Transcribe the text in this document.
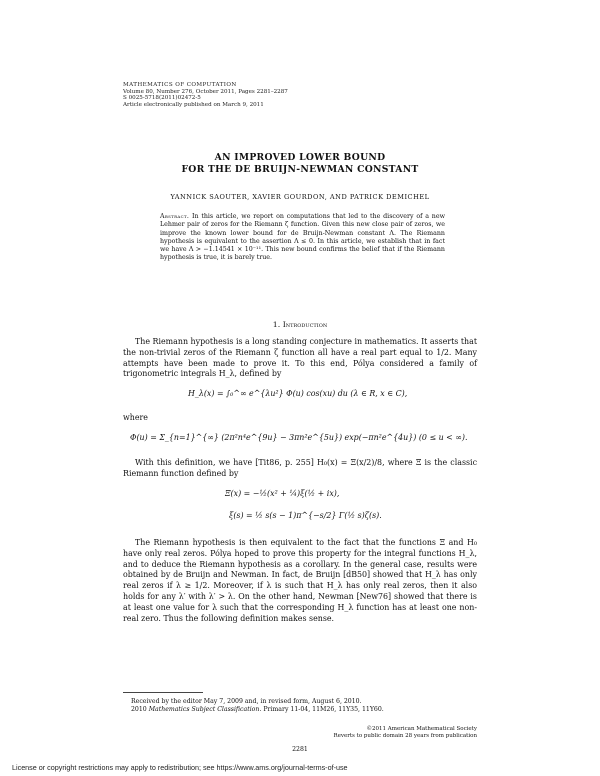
MATHEMATICS OF COMPUTATION
Volume 80, Number 276, October 2011, Pages 2281–2287
S 0025-5718(2011)02472-5
Article electronically published on March 9, 2011
AN IMPROVED LOWER BOUND
FOR THE DE BRUIJN-NEWMAN CONSTANT
YANNICK SAOUTER, XAVIER GOURDON, AND PATRICK DEMICHEL
Abstract. In this article, we report on computations that led to the discovery of a new Lehmer pair of zeros for the Riemann ζ function. Given this new close pair of zeros, we improve the known lower bound for de Bruijn-Newman constant Λ. The Riemann hypothesis is equivalent to the assertion Λ ≤ 0. In this article, we establish that in fact we have Λ > −1.14541 × 10⁻¹¹. This new bound confirms the belief that if the Riemann hypothesis is true, it is barely true.
1. Introduction
The Riemann hypothesis is a long standing conjecture in mathematics. It asserts that the non-trivial zeros of the Riemann ζ function all have a real part equal to 1/2. Many attempts have been made to prove it. To this end, Pólya considered a family of trigonometric integrals H_λ, defined by
H_λ(x) = ∫₀^∞ e^{λu²} Φ(u) cos(xu) du (λ ∈ R, x ∈ C),
where
Φ(u) = Σ_{n=1}^{∞} (2π²n⁴e^{9u} − 3πn²e^{5u}) exp(−πn²e^{4u}) (0 ≤ u < ∞).
With this definition, we have [Tit86, p. 255] H₀(x) = Ξ(x/2)/8, where Ξ is the classic Riemann function defined by
Ξ(x) = −½(x² + ¼)ξ(½ + ix),
ξ(s) = ½ s(s − 1)π^{−s/2} Γ(½ s)ζ(s).
The Riemann hypothesis is then equivalent to the fact that the functions Ξ and H₀ have only real zeros. Pólya hoped to prove this property for the integral functions H_λ, and to deduce the Riemann hypothesis as a corollary. In the general case, results were obtained by de Bruijn and Newman. In fact, de Bruijn [dB50] showed that H_λ has only real zeros if λ ≥ 1/2. Moreover, if λ is such that H_λ has only real zeros, then it also holds for any λ′ with λ′ > λ. On the other hand, Newman [New76] showed that there is at least one value for λ such that the corresponding H_λ function has at least one non-real zero. Thus the following definition makes sense.
Received by the editor May 7, 2009 and, in revised form, August 6, 2010.
2010 Mathematics Subject Classification. Primary 11-04, 11M26, 11Y35, 11Y60.
©2011 American Mathematical Society
Reverts to public domain 28 years from publication
2281
License or copyright restrictions may apply to redistribution; see https://www.ams.org/journal-terms-of-use
